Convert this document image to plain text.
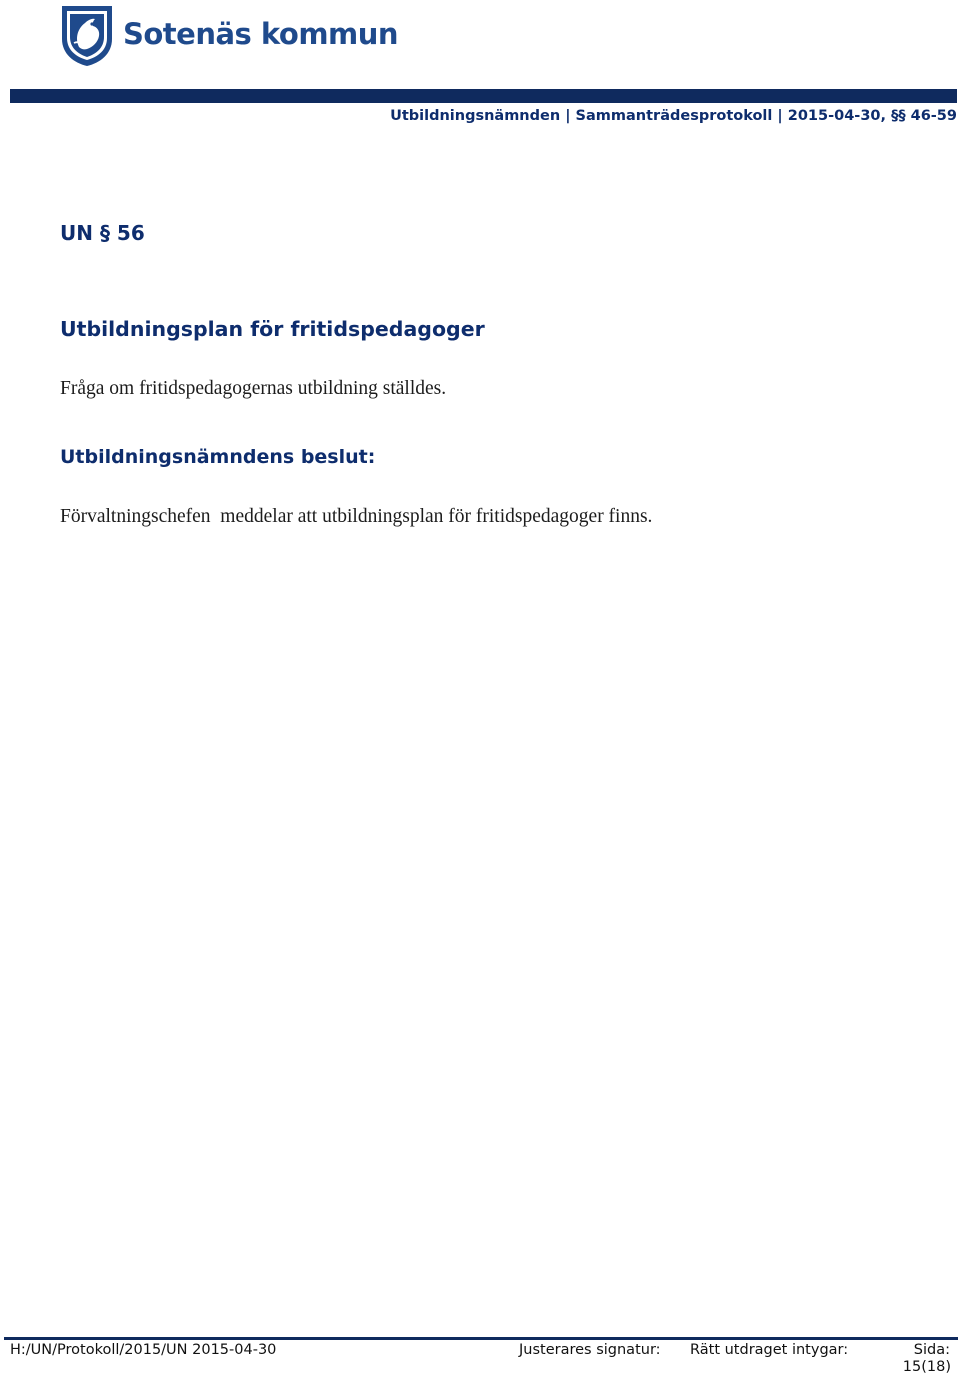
Sotenäs kommun
Utbildningsnämnden | Sammanträdesprotokoll | 2015-04-30, §§ 46-59
UN § 56
Utbildningsplan för fritidspedagoger
Fråga om fritidspedagogernas utbildning ställdes.
Utbildningsnämndens beslut:
Förvaltningschefen  meddelar att utbildningsplan för fritidspedagoger finns.
H:/UN/Protokoll/2015/UN 2015-04-30	Justerares signatur: Rätt utdraget intygar:	Sida:
15(18)
